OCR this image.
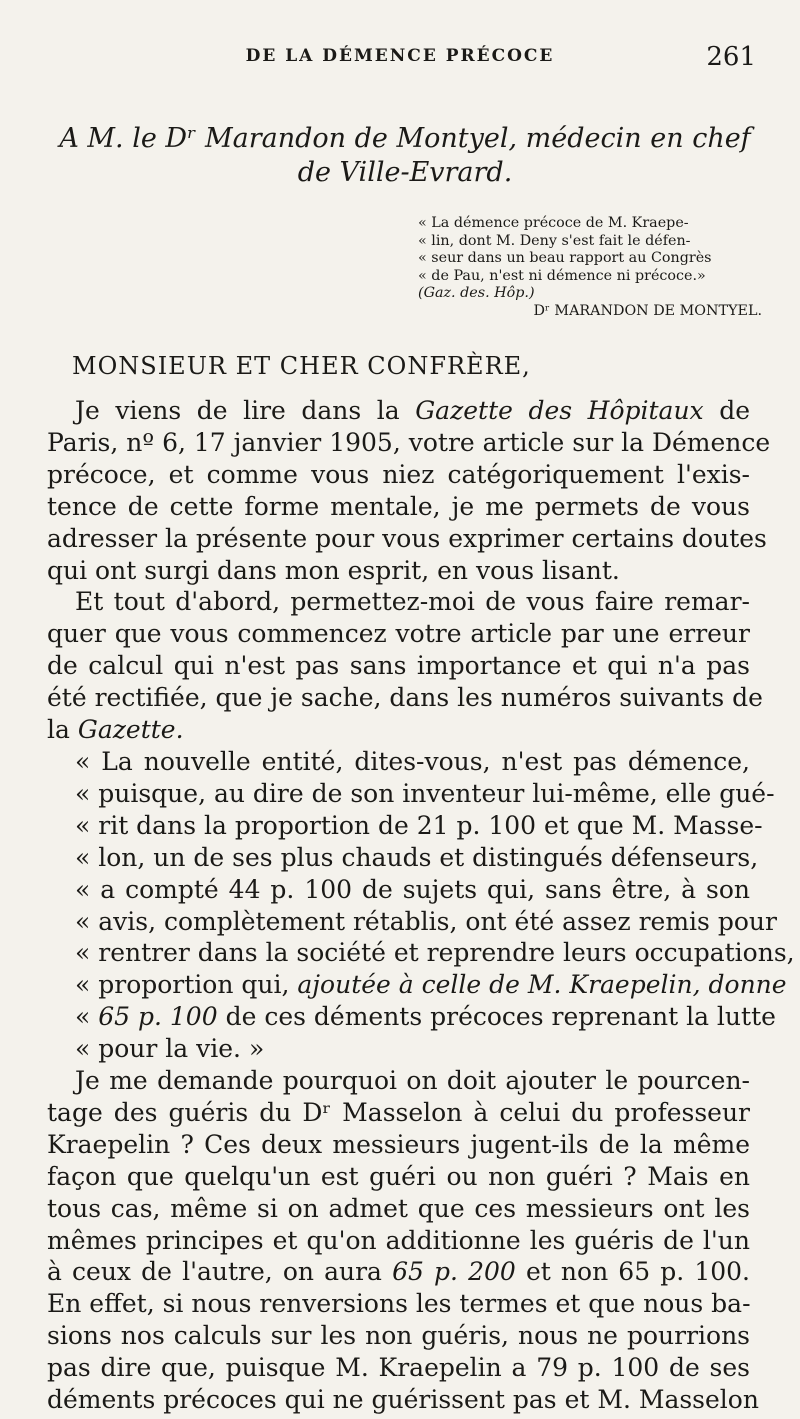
DE LA DÉMENCE PRÉCOCE	261

A M. le Dʳ Marandon de Montyel, médecin en chef

de Ville-Evrard.

« La démence précoce de M. Kraepe-

« lin, dont M. Deny s'est fait le défen-

« seur dans un beau rapport au Congrès

« de Pau, n'est ni démence ni précoce.»

(Gaz. des. Hôp.)

Dʳ MARANDON DE MONTYEL.

MONSIEUR ET CHER CONFRÈRE,

Je viens de lire dans la Gazette des Hôpitaux de

Paris, nº 6, 17 janvier 1905, votre article sur la Démence

précoce, et comme vous niez catégoriquement l'exis-

tence de cette forme mentale, je me permets de vous

adresser la présente pour vous exprimer certains doutes

qui ont surgi dans mon esprit, en vous lisant.

Et tout d'abord, permettez-moi de vous faire remar-

quer que vous commencez votre article par une erreur

de calcul qui n'est pas sans importance et qui n'a pas

été rectifiée, que je sache, dans les numéros suivants de

la Gazette.

« La nouvelle entité, dites-vous, n'est pas démence,

« puisque, au dire de son inventeur lui-même, elle gué-

« rit dans la proportion de 21 p. 100 et que M. Masse-

« lon, un de ses plus chauds et distingués défenseurs,

« a compté 44 p. 100 de sujets qui, sans être, à son

« avis, complètement rétablis, ont été assez remis pour

« rentrer dans la société et reprendre leurs occupations,

« proportion qui, ajoutée à celle de M. Kraepelin, donne

« 65 p. 100 de ces déments précoces reprenant la lutte

« pour la vie. »

Je me demande pourquoi on doit ajouter le pourcen-

tage des guéris du Dʳ Masselon à celui du professeur

Kraepelin ? Ces deux messieurs jugent-ils de la même

façon que quelqu'un est guéri ou non guéri ? Mais en

tous cas, même si on admet que ces messieurs ont les

mêmes principes et qu'on additionne les guéris de l'un

à ceux de l'autre, on aura 65 p. 200 et non 65 p. 100.

En effet, si nous renversions les termes et que nous ba-

sions nos calculs sur les non guéris, nous ne pourrions

pas dire que, puisque M. Kraepelin a 79 p. 100 de ses

déments précoces qui ne guérissent pas et M. Masselon
